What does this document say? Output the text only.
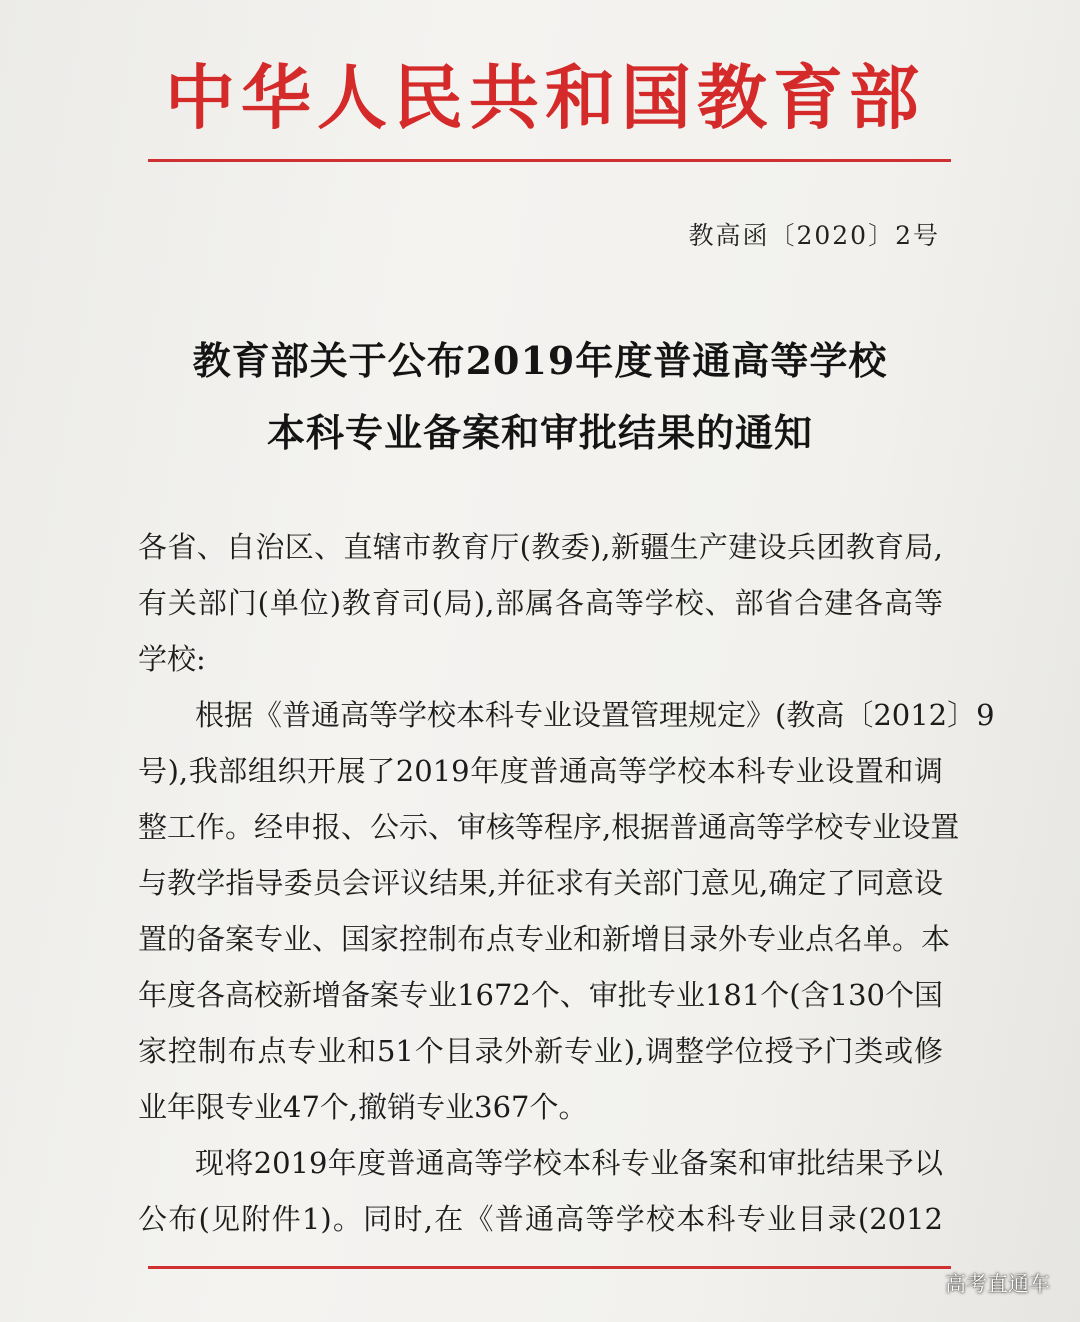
中华人民共和国教育部
教高函〔2020〕2号
教育部关于公布2019年度普通高等学校
本科专业备案和审批结果的通知
各省、自治区、直辖市教育厅(教委),新疆生产建设兵团教育局,
有关部门(单位)教育司(局),部属各高等学校、部省合建各高等
学校:
根据《普通高等学校本科专业设置管理规定》(教高〔2012〕9
号),我部组织开展了2019年度普通高等学校本科专业设置和调
整工作。经申报、公示、审核等程序,根据普通高等学校专业设置
与教学指导委员会评议结果,并征求有关部门意见,确定了同意设
置的备案专业、国家控制布点专业和新增目录外专业点名单。本
年度各高校新增备案专业1672个、审批专业181个(含130个国
家控制布点专业和51个目录外新专业),调整学位授予门类或修
业年限专业47个,撤销专业367个。
现将2019年度普通高等学校本科专业备案和审批结果予以
公布(见附件1)。同时,在《普通高等学校本科专业目录(2012
高考直通车
